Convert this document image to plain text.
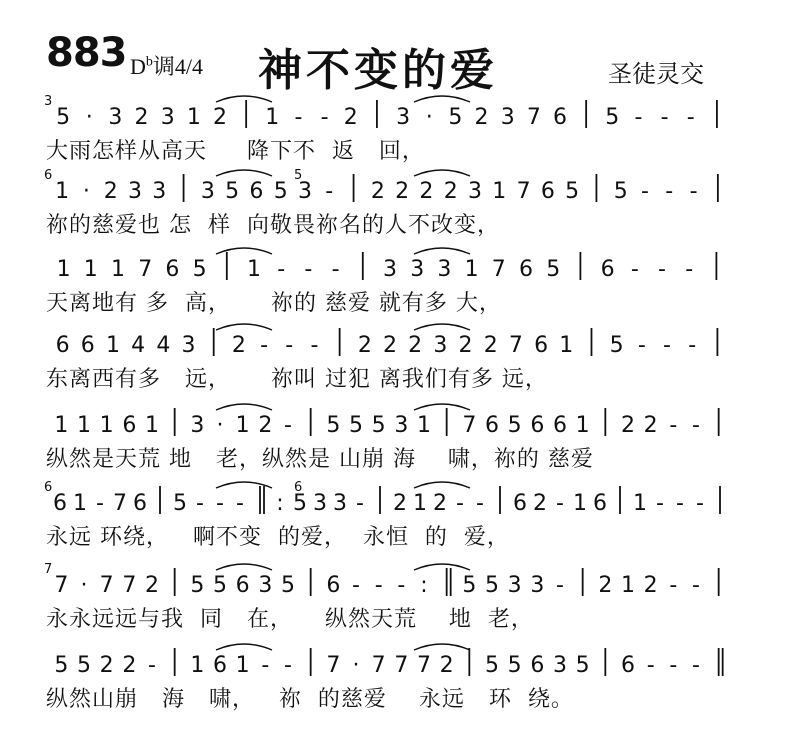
883 $D^b$调4/4 神不变的爱	圣徒灵交
5 · 3 2 3 1 2 1 - - 2 3 · 5 2 3 7 6 5 - - -
3
大雨怎样从高天     降下不  返   回，
1 · 2 3 3 3 5 6 5 3 - 2 2 2 2 3 1 7 6 5 5 - - -
6	5
祢的慈爱也 怎  样  向敬畏祢名的人不改变，
1 1 1 7 6 5 1 - - - 3 3 3 1 7 6 5 6 - - -
天离地有 多  高，     祢的 慈爱 就有多 大，
6 6 1 4 4 3 2 - - - 2 2 2 3 2 2 7 6 1 5 - - -
东离西有多   远，     祢叫 过犯 离我们有多 远，
1 1 1 6 1 3 · 1 2 - 5 5 5 3 1 7 6 5 6 6 1 2 2 - -
纵然是天荒 地   老，纵然是 山崩 海    啸，祢的 慈爱
6 1 - 7 6 5 - - - : 5 3 3 - 2 1 2 - - 6 2 - 1 6 1 - - -
6	6
永远 环绕，   啊不变  的爱，  永恒  的  爱，
7 · 7 7 2 5 5 6 3 5 6 - - - : 5 5 3 3 - 2 1 2 - -
7
永永远远与我  同   在，    纵然天荒    地  老，
5 5 2 2 - 1 6 1 - - 7 · 7 7 7 2 5 5 6 3 5 6 - - -
纵然山崩   海   啸，   祢  的慈爱    永远   环  绕。
